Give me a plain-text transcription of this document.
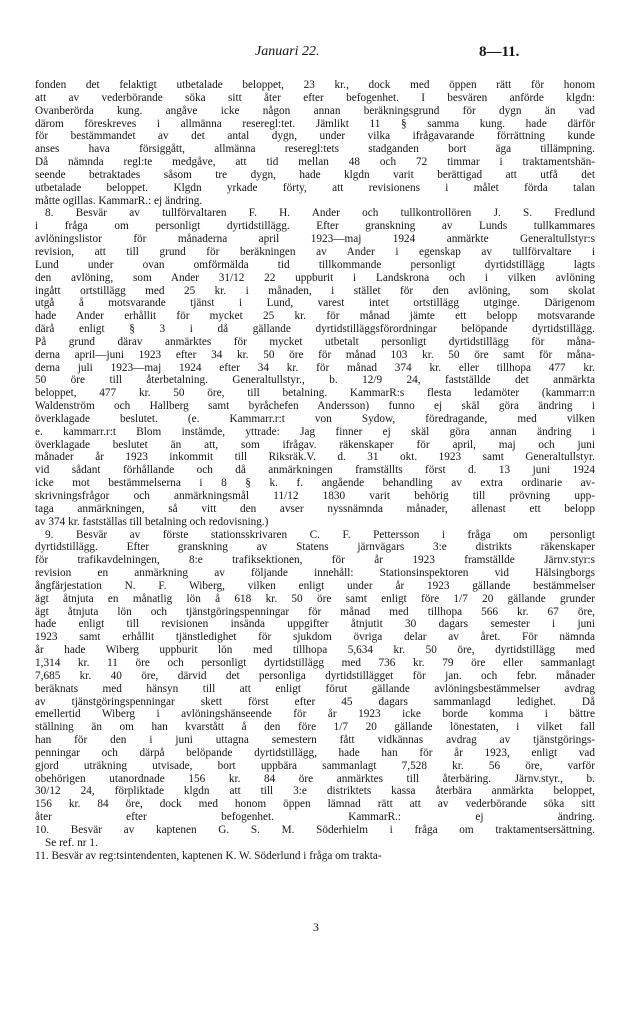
Januari 22.	8—11.
fonden det felaktigt utbetalade beloppet, 23 kr., dock med öppen rätt för honom
att av vederbörande söka sitt åter efter befogenhet. I besvären anförde klgdn:
Ovanberörda kung. angåve icke någon annan beräkningsgrund för dygn än vad
därom föreskreves i allmänna reseregl:tet. Jämlikt 11 § samma kung. hade därför
för bestämmandet av det antal dygn, under vilka ifrågavarande förrättning kunde
anses hava försiggått, allmänna reseregl:tets stadganden bort äga tillämpning.
Då nämnda regl:te medgåve, att tid mellan 48 och 72 timmar i traktamentshän-
seende betraktades såsom tre dygn, hade klgdn varit berättigad att utfå det
utbetalade beloppet. Klgdn yrkade förty, att revisionens i målet förda talan
måtte ogillas. KammarR.: ej ändring.
8. Besvär av tullförvaltaren F. H. Ander och tullkontrollören J. S. Fredlund
i fråga om personligt dyrtidstillägg. Efter granskning av Lunds tullkammares
avlöningslistor för månaderna april 1923—maj 1924 anmärkte Generaltullstyr:s
revision, att till grund för beräkningen av Ander i egenskap av tullförvaltare i
Lund under ovan omförmälda tid tillkommande personligt dyrtidstillägg lagts
den avlöning, som Ander 31/12 22 uppburit i Landskrona och i vilken avlöning
ingått ortstillägg med 25 kr. i månaden, i stället för den avlöning, som skolat
utgå å motsvarande tjänst i Lund, varest intet ortstillägg utginge. Därigenom
hade Ander erhållit för mycket 25 kr. för månad jämte ett belopp motsvarande
därå enligt § 3 i då gällande dyrtidstilläggsförordningar belöpande dyrtidstillägg.
På grund därav anmärktes för mycket utbetalt personligt dyrtidstillägg för måna-
derna april—juni 1923 efter 34 kr. 50 öre för månad 103 kr. 50 öre samt för måna-
derna juli 1923—maj 1924 efter 34 kr. för månad 374 kr. eller tillhopa 477 kr.
50 öre till återbetalning. Generaltullstyr., b. 12/9 24, fastställde det anmärkta
beloppet, 477 kr. 50 öre, till betalning. KammarR:s flesta ledamöter (kammarr:n
Waldenström och Hallberg samt byråchefen Andersson) funno ej skäl göra ändring i
överklagade beslutet. (e. Kammarr.r:t von Sydow, föredragande, med vilken
e. kammarr.r:t Blom instämde, yttrade: Jag finner ej skäl göra annan ändring i
överklagade beslutet än att, som ifrågav. räkenskaper för april, maj och juni
månader år 1923 inkommit till Riksräk.V. d. 31 okt. 1923 samt Generaltullstyr.
vid sådant förhållande och då anmärkningen framställts först d. 13 juni 1924
icke mot bestämmelserna i 8 § k. f. angående behandling av extra ordinarie av-
skrivningsfrågor och anmärkningsmål 11/12 1830 varit behörig till prövning upp-
taga anmärkningen, så vitt den avser nyssnämnda månader, allenast ett belopp
av 374 kr. fastställas till betalning och redovisning.)
9. Besvär av förste stationsskrivaren C. F. Pettersson i fråga om personligt
dyrtidstillägg. Efter granskning av Statens järnvägars 3:e distrikts räkenskaper
för trafikavdelningen, 8:e trafiksektionen, för år 1923 framställde Järnv.styr:s
revision en anmärkning av följande innehåll: Stationsinspektoren vid Hälsingborgs
ångfärjestation N. F. Wiberg, vilken enligt under år 1923 gällande bestämmelser
ägt åtnjuta en månatlig lön å 618 kr. 50 öre samt enligt före 1/7 20 gällande grunder
ägt åtnjuta lön och tjänstgöringspenningar för månad med tillhopa 566 kr. 67 öre,
hade enligt till revisionen insända uppgifter åtnjutit 30 dagars semester i juni
1923 samt erhållit tjänstledighet för sjukdom övriga delar av året. För nämnda
år hade Wiberg uppburit lön med tillhopa 5,634 kr. 50 öre, dyrtidstillägg med
1,314 kr. 11 öre och personligt dyrtidstillägg med 736 kr. 79 öre eller sammanlagt
7,685 kr. 40 öre, därvid det personliga dyrtidstillägget för jan. och febr. månader
beräknats med hänsyn till att enligt förut gällande avlöningsbestämmelser avdrag
av tjänstgöringspenningar skett först efter 45 dagars sammanlagd ledighet. Då
emellertid Wiberg i avlöningshänseende för år 1923 icke borde komma i bättre
ställning än om han kvarstått å den före 1/7 20 gällande lönestaten, i vilket fall
han för den i juni uttagna semestern fått vidkännas avdrag av tjänstgörings-
penningar och därpå belöpande dyrtidstillägg, hade han för år 1923, enligt vad
gjord uträkning utvisade, bort uppbära sammanlagt 7,528 kr. 56 öre, varför
obehörigen utanordnade 156 kr. 84 öre anmärktes till återbäring. Järnv.styr., b.
30/12 24, förpliktade klgdn att till 3:e distriktets kassa återbära anmärkta beloppet,
156 kr. 84 öre, dock med honom öppen lämnad rätt att av vederbörande söka sitt
åter efter befogenhet. KammarR.: ej ändring.
10. Besvär av kaptenen G. S. M. Söderhielm i fråga om traktamentsersättning.
Se ref. nr 1.
11. Besvär av reg:tsintendenten, kaptenen K. W. Söderlund i fråga om trakta-
3
